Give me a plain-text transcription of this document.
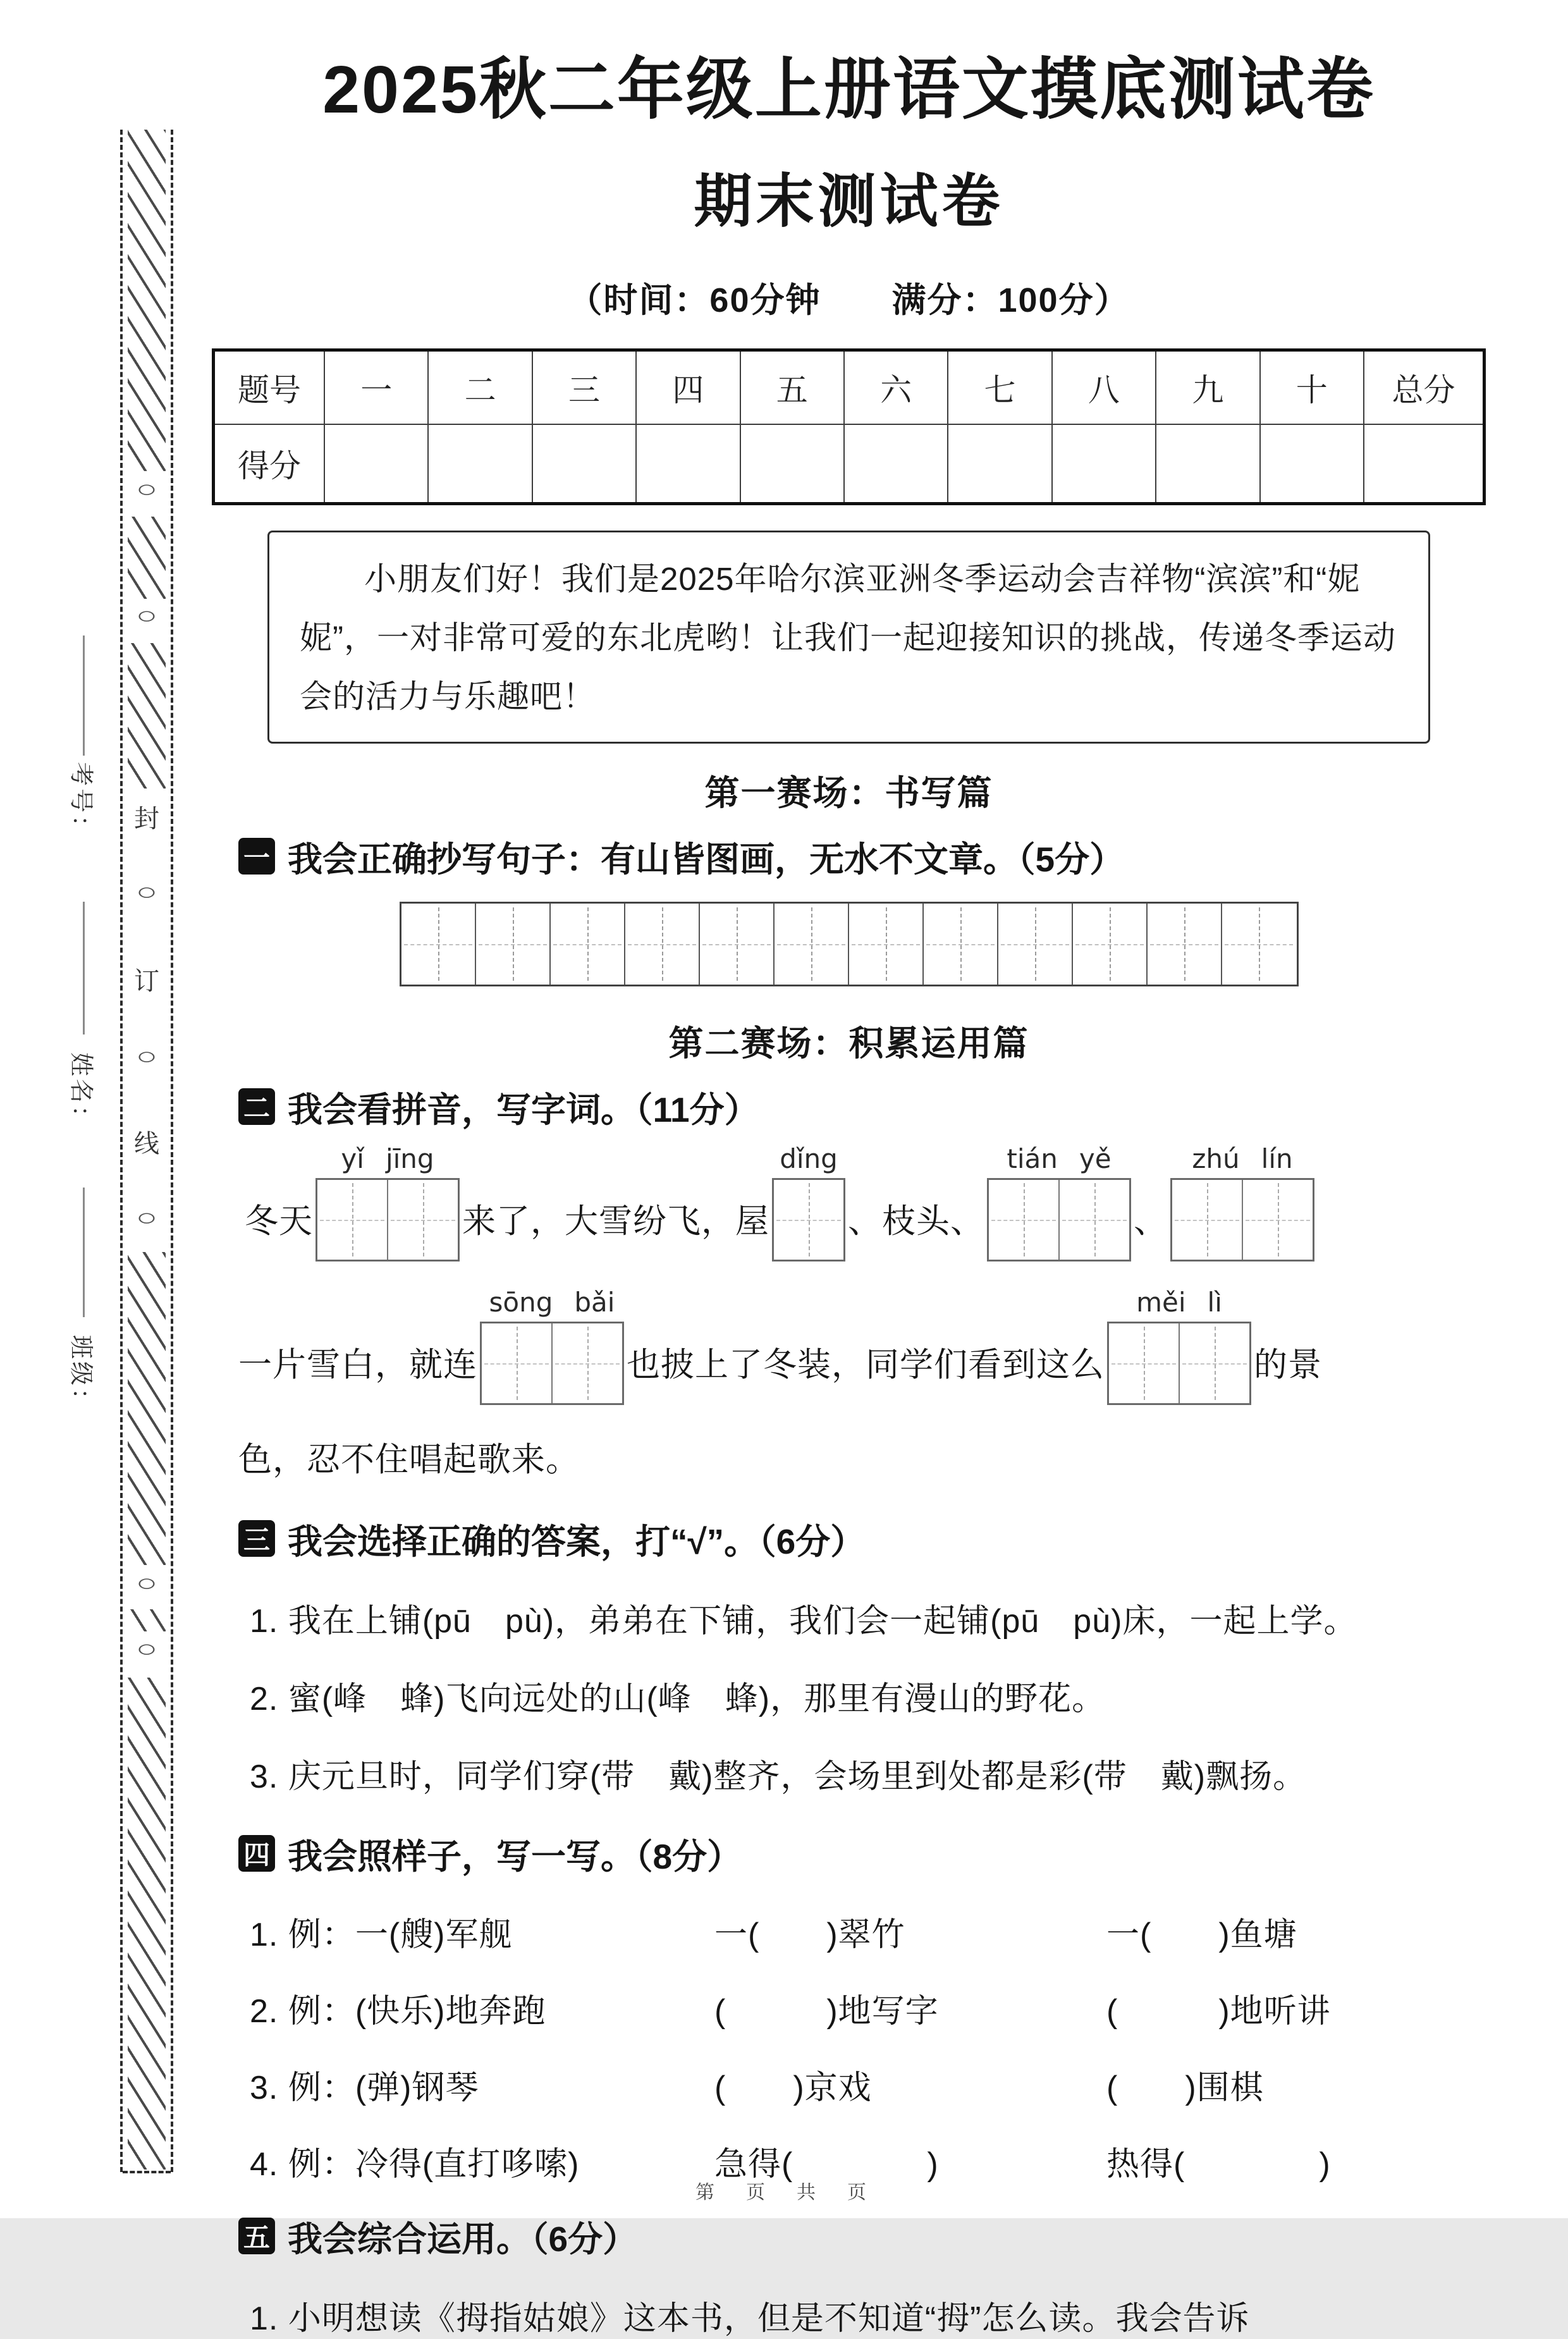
考号：
姓名：
班级：
○
○
封
○
订
○
线
○
○
○
2025秋二年级上册语文摸底测试卷
期末测试卷
（时间：60分钟　　满分：100分）
题号	一	二	三	四	五	六	七	八	九	十	总分
得分											
小朋友们好！我们是2025年哈尔滨亚洲冬季运动会吉祥物“滨滨”和“妮妮”，一对非常可爱的东北虎哟！让我们一起迎接知识的挑战，传递冬季运动会的活力与乐趣吧！
第一赛场：书写篇
一 我会正确抄写句子：有山皆图画，无水不文章。（5分）
第二赛场：积累运用篇
二 我会看拼音，写字词。（11分）
冬天
yǐ jīng
来了，大雪纷飞，屋
dǐng
、枝头、
tián yě
、
zhú lín
一片雪白，就连
sōng bǎi
也披上了冬装，同学们看到这么
měi lì
的景
色，忍不住唱起歌来。
三 我会选择正确的答案，打“√”。（6分）
1. 我在上铺(pū　pù)，弟弟在下铺，我们会一起铺(pū　pù)床，一起上学。
2. 蜜(峰　蜂)飞向远处的山(峰　蜂)，那里有漫山的野花。
3. 庆元旦时，同学们穿(带　戴)整齐，会场里到处都是彩(带　戴)飘扬。
四 我会照样子，写一写。（8分）
1. 例：一(艘)军舰	一(　　)翠竹	一(　　)鱼塘
2. 例：(快乐)地奔跑	(　　　)地写字	(　　　)地听讲
3. 例：(弹)钢琴	(　　)京戏	(　　)围棋
4. 例：冷得(直打哆嗦)	急得(　　　　)	热得(　　　　)
五 我会综合运用。（6分）
1. 小明想读《拇指姑娘》这本书，但是不知道“拇”怎么读。我会告诉
第　页　共　页
